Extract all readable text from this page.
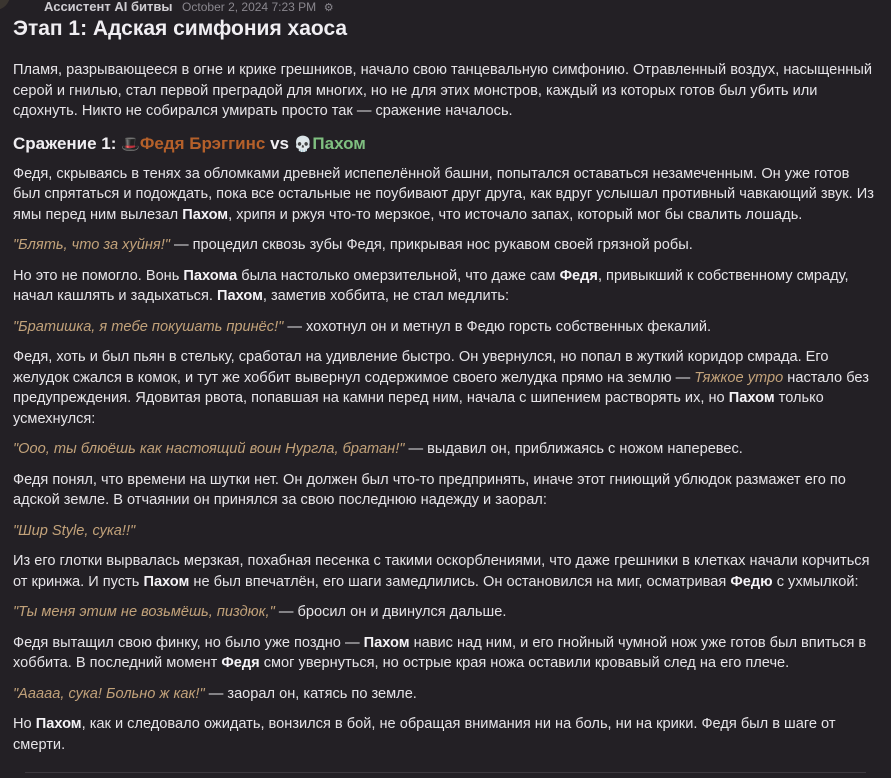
Ассистент AI битвы October 2, 2024 7:23 PM ⚙
Этап 1: Адская симфония хаоса

Пламя, разрывающееся в огне и крике грешников, начало свою танцевальную симфонию. Отравленный воздух, насыщенный серой и гнилью, стал первой преградой для многих, но не для этих монстров, каждый из которых готов был убить или сдохнуть. Никто не собирался умирать просто так — сражение началось.

Сражение 1: 🎩Федя Брэггинс vs 💀Пахом

Федя, скрываясь в тенях за обломками древней испепелённой башни, попытался оставаться незамеченным. Он уже готов был спрятаться и подождать, пока все остальные не поубивают друг друга, как вдруг услышал противный чавкающий звук. Из ямы перед ним вылезал Пахом, хрипя и ржуя что-то мерзкое, что источало запах, который мог бы свалить лошадь.

"Блять, что за хуйня!" — процедил сквозь зубы Федя, прикрывая нос рукавом своей грязной робы.

Но это не помогло. Вонь Пахома была настолько омерзительной, что даже сам Федя, привыкший к собственному смраду, начал кашлять и задыхаться. Пахом, заметив хоббита, не стал медлить:

"Братишка, я тебе покушать принёс!" — хохотнул он и метнул в Федю горсть собственных фекалий.

Федя, хоть и был пьян в стельку, сработал на удивление быстро. Он увернулся, но попал в жуткий коридор смрада. Его желудок сжался в комок, и тут же хоббит вывернул содержимое своего желудка прямо на землю — Тяжкое утро настало без предупреждения. Ядовитая рвота, попавшая на камни перед ним, начала с шипением растворять их, но Пахом только усмехнулся:

"Ооо, ты блюёшь как настоящий воин Нургла, братан!" — выдавил он, приближаясь с ножом наперевес.

Федя понял, что времени на шутки нет. Он должен был что-то предпринять, иначе этот гниющий ублюдок размажет его по адской земле. В отчаянии он принялся за свою последнюю надежду и заорал:

"Шир Style, сука!!"

Из его глотки вырвалась мерзкая, похабная песенка с такими оскорблениями, что даже грешники в клетках начали корчиться от кринжа. И пусть Пахом не был впечатлён, его шаги замедлились. Он остановился на миг, осматривая Федю с ухмылкой:

"Ты меня этим не возьмёшь, пиздюк," — бросил он и двинулся дальше.

Федя вытащил свою финку, но было уже поздно — Пахом навис над ним, и его гнойный чумной нож уже готов был впиться в хоббита. В последний момент Федя смог увернуться, но острые края ножа оставили кровавый след на его плече.

"Ааааа, сука! Больно ж как!" — заорал он, катясь по земле.

Но Пахом, как и следовало ожидать, вонзился в бой, не обращая внимания ни на боль, ни на крики. Федя был в шаге от смерти.
